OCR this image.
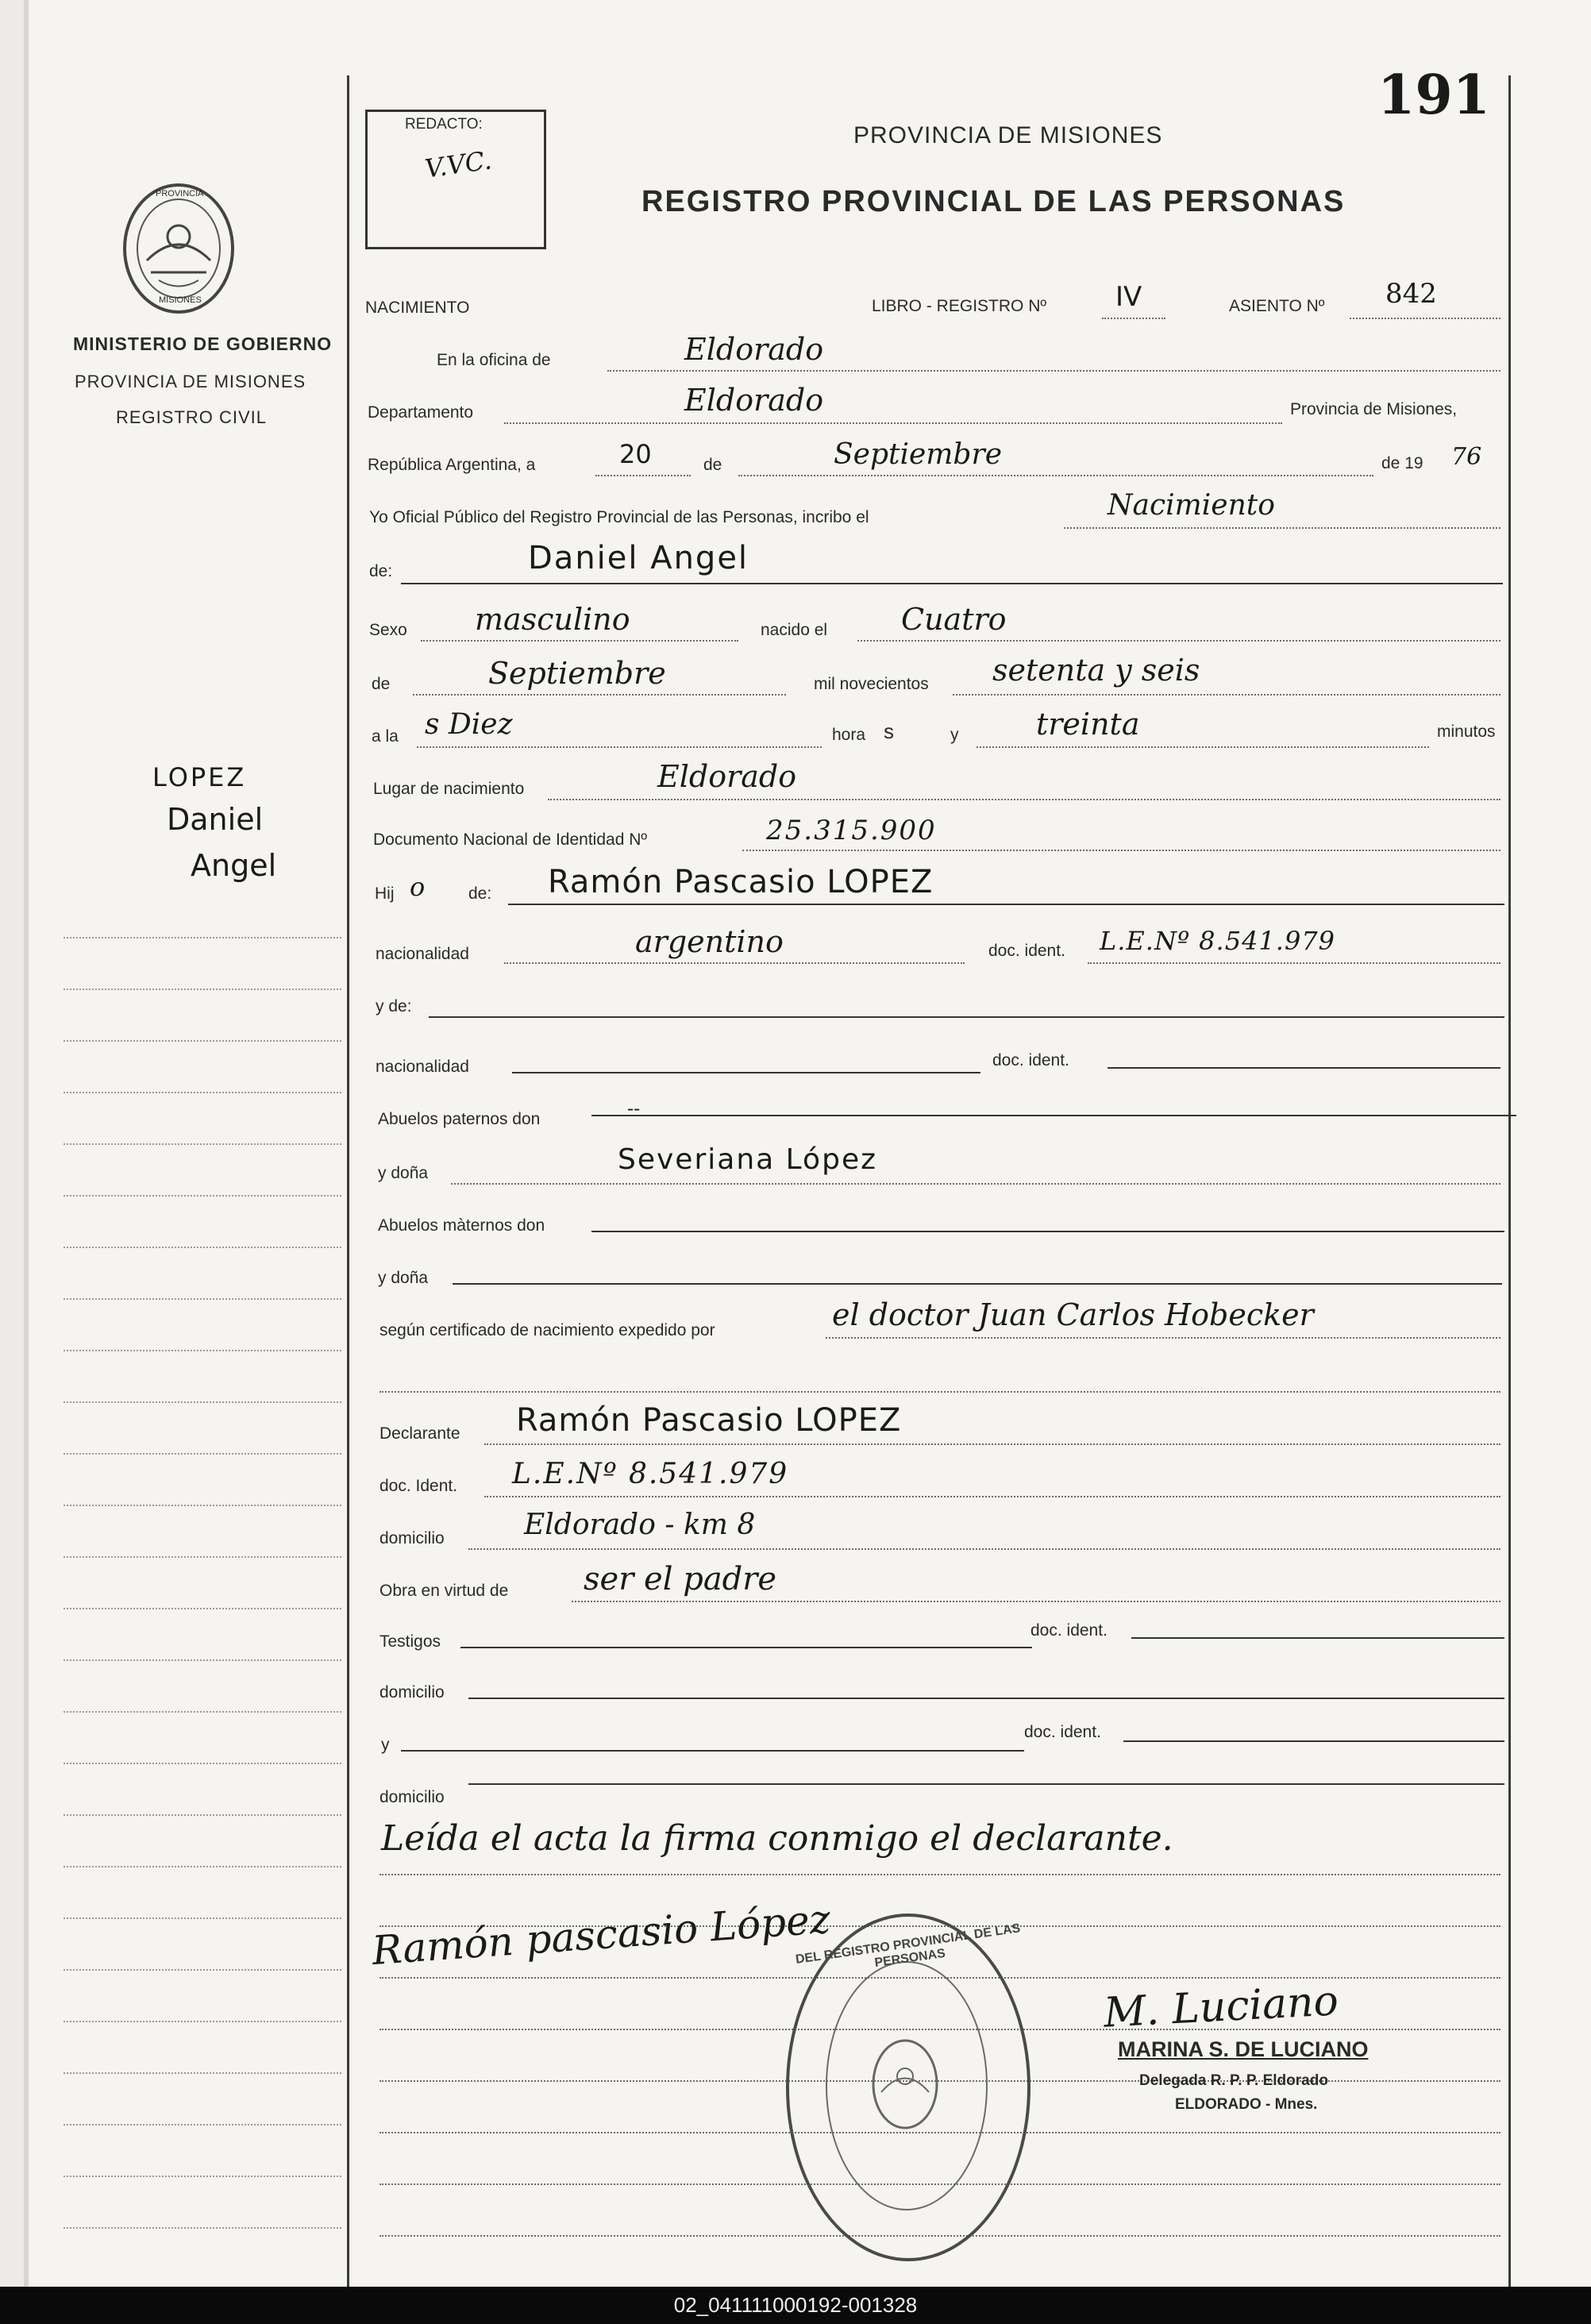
191
PROVINCIA
MISIONES
MINISTERIO DE GOBIERNO
PROVINCIA DE MISIONES
REGISTRO CIVIL
LOPEZ
Daniel
Angel
REDACTO:
V.VC.
PROVINCIA DE MISIONES
REGISTRO PROVINCIAL DE LAS PERSONAS
NACIMIENTO	LIBRO - REGISTRO Nº	IV	ASIENTO Nº 842
En la oficina de	Eldorado
Departamento	Eldorado	Provincia de Misiones,
República Argentina, a	20	de	Septiembre	de 19 76
Yo Oficial Público del Registro Provincial de las Personas, incribo el	Nacimiento
de:	Daniel Angel
Sexo masculino	nacido el Cuatro
de	Septiembre	mil novecientos setenta y seis
a la s Diez	hora s	y	treinta	minutos
Lugar de nacimiento	Eldorado
Documento Nacional de Identidad Nº	25.315.900
Hij o	de: Ramón Pascasio LOPEZ
nacionalidad	argentino	doc. ident. L.E.Nº 8.541.979
y de:
nacionalidad	doc. ident.
Abuelos paternos don	--
y doña	Severiana López
Abuelos màternos don
y doña
según certificado de nacimiento expedido por	el doctor Juan Carlos Hobecker
Declarante Ramón Pascasio LOPEZ
doc. Ident. L.E.Nº 8.541.979
domicilio	Eldorado - km 8
Obra en virtud de ser el padre
Testigos
doc. ident.
domicilio
y
doc. ident.
domicilio
Leída el acta la firma conmigo el declarante.
Ramón pascasio López
DEL REGISTRO PROVINCIAL DE LAS PERSONAS
M. Luciano
MARINA S. DE LUCIANO
Delegada R. P. P. Eldorado
ELDORADO - Mnes.
02_041111000192-001328
